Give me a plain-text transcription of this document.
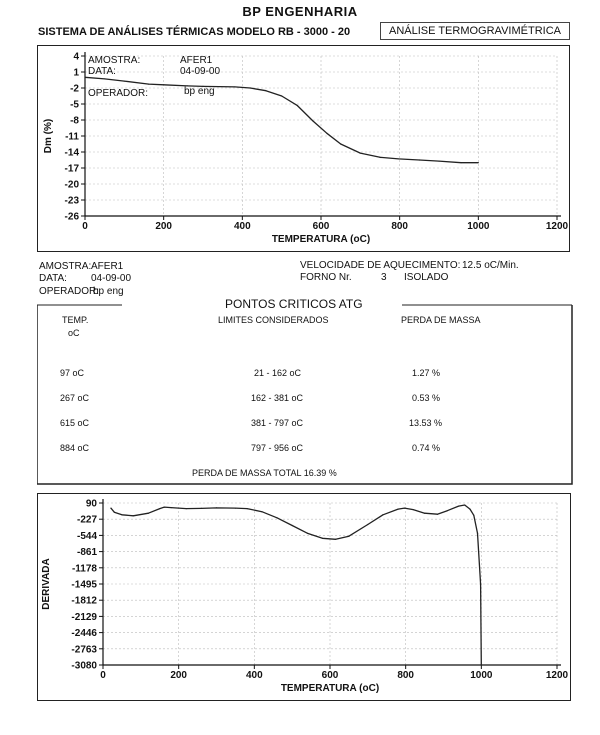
BP ENGENHARIA
SISTEMA DE ANÁLISES TÉRMICAS MODELO RB - 3000 - 20	ANÁLISE TERMOGRAVIMÉTRICA
4
1
-2
-5
-8
-11
-14
-17
-20
-23
-26
0	200	400	600	800	1000	1200
TEMPERATURA (oC)
Dm (%)
AMOSTRA:	AFER1
DATA:	04-09-00
OPERADOR:	bp eng
AMOSTRA: AFER1
DATA: 04-09-00
OPERADOR:
bp eng
VELOCIDADE DE AQUECIMENTO: 12.5 oC/Min.
FORNO Nr.	3 ISOLADO
PONTOS CRITICOS ATG
TEMP.
oC
LIMITES CONSIDERADOS	PERDA DE MASSA
97 oC	21 - 162 oC	1.27 %
267 oC	162 - 381 oC	0.53 %
615 oC	381 - 797 oC	13.53 %
884 oC	797 - 956 oC	0.74 %
PERDA DE MASSA TOTAL 16.39 %
90
-227
-544
-861
-1178
-1495
-1812
-2129
-2446
-2763
-3080
0	200	400	600	800	1000	1200
TEMPERATURA (oC)
DERIVADA
